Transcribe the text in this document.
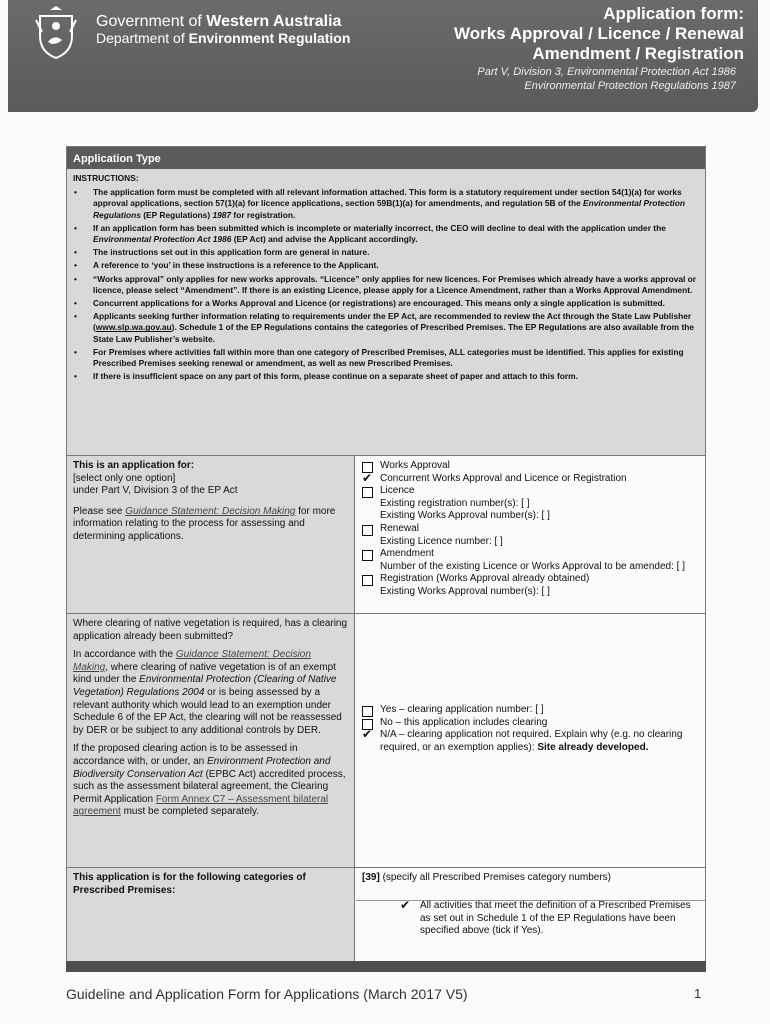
Government of Western Australia
Department of Environment Regulation
Application form:
Works Approval / Licence / Renewal
Amendment / Registration
Part V, Division 3, Environmental Protection Act 1986
Environmental Protection Regulations 1987
Application Type
INSTRUCTIONS:
• The application form must be completed with all relevant information attached. This form is a statutory requirement under section 54(1)(a) for works approval applications, section 57(1)(a) for licence applications, section 59B(1)(a) for amendments, and regulation 5B of the Environmental Protection Regulations (EP Regulations) 1987 for registration.
• If an application form has been submitted which is incomplete or materially incorrect, the CEO will decline to deal with the application under the Environmental Protection Act 1986 (EP Act) and advise the Applicant accordingly.
• The instructions set out in this application form are general in nature.
• A reference to ‘you’ in these instructions is a reference to the Applicant.
• “Works approval” only applies for new works approvals. “Licence” only applies for new licences. For Premises which already have a works approval or licence, please select “Amendment”. If there is an existing Licence, please apply for a Licence Amendment, rather than a Works Approval Amendment.
• Concurrent applications for a Works Approval and Licence (or registrations) are encouraged. This means only a single application is submitted.
• Applicants seeking further information relating to requirements under the EP Act, are recommended to review the Act through the State Law Publisher (www.slp.wa.gov.au). Schedule 1 of the EP Regulations contains the categories of Prescribed Premises. The EP Regulations are also available from the State Law Publisher’s website.
• For Premises where activities fall within more than one category of Prescribed Premises, ALL categories must be identified. This applies for existing Prescribed Premises seeking renewal or amendment, as well as new Prescribed Premises.
• If there is insufficient space on any part of this form, please continue on a separate sheet of paper and attach to this form.
This is an application for:
[select only one option]
under Part V, Division 3 of the EP Act

Please see Guidance Statement: Decision Making for more information relating to the process for assessing and determining applications.

Works Approval
✔ Concurrent Works Approval and Licence or Registration
Licence
Existing registration number(s): [ ]
Existing Works Approval number(s): [ ]
Renewal
Existing Licence number: [ ]
Amendment
Number of the existing Licence or Works Approval to be amended: [ ]
Registration (Works Approval already obtained)
Existing Works Approval number(s): [ ]

Where clearing of native vegetation is required, has a clearing application already been submitted?

In accordance with the Guidance Statement: Decision Making, where clearing of native vegetation is of an exempt kind under the Environmental Protection (Clearing of Native Vegetation) Regulations 2004 or is being assessed by a relevant authority which would lead to an exemption under Schedule 6 of the EP Act, the clearing will not be reassessed by DER or be subject to any additional controls by DER.

If the proposed clearing action is to be assessed in accordance with, or under, an Environment Protection and Biodiversity Conservation Act (EPBC Act) accredited process, such as the assessment bilateral agreement, the Clearing Permit Application Form Annex C7 – Assessment bilateral agreement must be completed separately.

Yes – clearing application number: [ ]
No – this application includes clearing
✔ N/A – clearing application not required. Explain why (e.g. no clearing required, or an exemption applies): Site already developed.
This application is for the following categories of Prescribed Premises:
[39] (specify all Prescribed Premises category numbers)
✔ All activities that meet the definition of a Prescribed Premises as set out in Schedule 1 of the EP Regulations have been specified above (tick if Yes).
Guideline and Application Form for Applications (March 2017 V5)	1
